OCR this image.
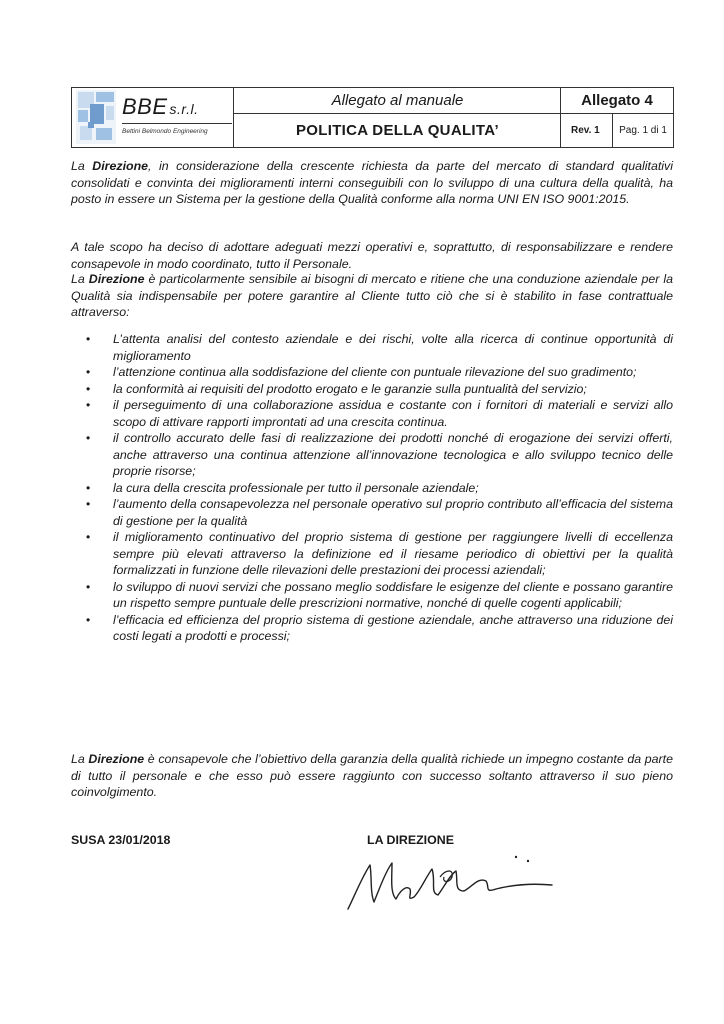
BBE s.r.l.
Bettini Belmondo Engineering
Allegato al manuale
POLITICA DELLA QUALITA’
Allegato 4
Rev. 1	Pag. 1 di 1

La Direzione, in considerazione della crescente richiesta da parte del mercato di standard qualitativi consolidati e convinta dei miglioramenti interni conseguibili con lo sviluppo di una cultura della qualità, ha posto in essere un Sistema per la gestione della Qualità conforme alla norma UNI EN ISO 9001:2015.

A tale scopo ha deciso di adottare adeguati mezzi operativi e, soprattutto, di responsabilizzare e rendere consapevole in modo coordinato, tutto il Personale.

La Direzione è particolarmente sensibile ai bisogni di mercato e ritiene che una conduzione aziendale per la Qualità sia indispensabile per potere garantire al Cliente tutto ciò che si è stabilito in fase contrattuale attraverso:

• L’attenta analisi del contesto aziendale e dei rischi, volte alla ricerca di continue opportunità di miglioramento
• l’attenzione continua alla soddisfazione del cliente con puntuale rilevazione del suo gradimento;
• la conformità ai requisiti del prodotto erogato e le garanzie sulla puntualità del servizio;
• il perseguimento di una collaborazione assidua e costante con i fornitori di materiali e servizi allo scopo di attivare rapporti improntati ad una crescita continua.
• il controllo accurato delle fasi di realizzazione dei prodotti nonché di erogazione dei servizi offerti, anche attraverso una continua attenzione all’innovazione tecnologica e allo sviluppo tecnico delle proprie risorse;
• la cura della crescita professionale per tutto il personale aziendale;
• l’aumento della consapevolezza nel personale operativo sul proprio contributo all’efficacia del sistema di gestione per la qualità
• il miglioramento continuativo del proprio sistema di gestione per raggiungere livelli di eccellenza sempre più elevati attraverso la definizione ed il riesame periodico di obiettivi per la qualità formalizzati in funzione delle rilevazioni delle prestazioni dei processi aziendali;
• lo sviluppo di nuovi servizi che possano meglio soddisfare le esigenze del cliente e possano garantire un rispetto sempre puntuale delle prescrizioni normative, nonché di quelle cogenti applicabili;
• l’efficacia ed efficienza del proprio sistema di gestione aziendale, anche attraverso una riduzione dei costi legati a prodotti e processi;

La Direzione è consapevole che l’obiettivo della garanzia della qualità richiede un impegno costante da parte di tutto il personale e che esso può essere raggiunto con successo soltanto attraverso il suo pieno coinvolgimento.

SUSA 23/01/2018	LA DIREZIONE
